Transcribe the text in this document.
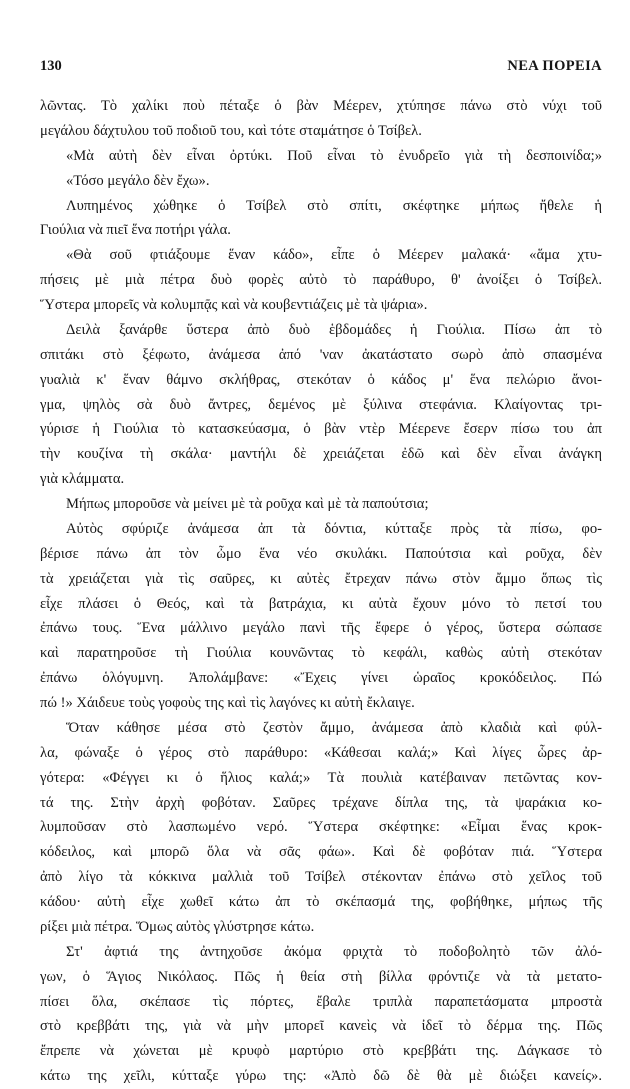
130	ΝΕΑ ΠΟΡΕΙΑ
λῶντας. Τὸ χαλίκι ποὺ πέταξε ὁ βὰν Μέερεν, χτύπησε πάνω στὸ νύχι τοῦ
μεγάλου δάχτυλου τοῦ ποδιοῦ του, καὶ τότε σταμάτησε ὁ Τσίβελ.
«Μὰ αὐτὴ δὲν εἶναι ὀρτύκι. Ποῦ εἶναι τὸ ἐνυδρεῖο γιὰ τὴ δεσποινίδα;»
«Τόσο μεγάλο δὲν ἔχω».
Λυπημένος χώθηκε ὁ Τσίβελ στὸ σπίτι, σκέφτηκε μήπως ἤθελε ἡ
Γιούλια νὰ πιεῖ ἕνα ποτήρι γάλα.
«Θὰ σοῦ φτιάξουμε ἕναν κάδο», εἶπε ὁ Μέερεν μαλακά· «ἅμα χτυ-
πήσεις μὲ μιὰ πέτρα δυὸ φορὲς αὐτὸ τὸ παράθυρο, θ' ἀνοίξει ὁ Τσίβελ.
Ὕστερα μπορεῖς νὰ κολυμπᾷς καὶ νὰ κουβεντιάζεις μὲ τὰ ψάρια».
Δειλὰ ξανάρθε ὕστερα ἀπὸ δυὸ ἑβδομάδες ἡ Γιούλια. Πίσω ἀπ τὸ
σπιτάκι στὸ ξέφωτο, ἀνάμεσα ἀπό 'ναν ἀκατάστατο σωρὸ ἀπὸ σπασμένα
γυαλιὰ κ' ἕναν θάμνο σκλήθρας, στεκόταν ὁ κάδος μ' ἕνα πελώριο ἄνοι-
γμα, ψηλὸς σὰ δυὸ ἄντρες, δεμένος μὲ ξύλινα στεφάνια. Κλαίγοντας τρι-
γύρισε ἡ Γιούλια τὸ κατασκεύασμα, ὁ βὰν ντὲρ Μέερενε ἔσερν πίσω του ἀπ
τὴν κουζίνα τὴ σκάλα· μαντήλι δὲ χρειάζεται ἐδῶ καὶ δὲν εἶναι ἀνάγκη
γιὰ κλάμματα.
Μήπως μποροῦσε νὰ μείνει μὲ τὰ ροῦχα καὶ μὲ τὰ παπούτσια;
Αὐτὸς σφύριζε ἀνάμεσα ἀπ τὰ δόντια, κύτταξε πρὸς τὰ πίσω, φο-
βέρισε πάνω ἀπ τὸν ὦμο ἕνα νέο σκυλάκι. Παπούτσια καὶ ροῦχα, δὲν
τὰ χρειάζεται γιὰ τὶς σαῦρες, κι αὐτὲς ἔτρεχαν πάνω στὸν ἄμμο ὅπως τὶς
εἶχε πλάσει ὁ Θεός, καὶ τὰ βατράχια, κι αὐτὰ ἔχουν μόνο τὸ πετσί του
ἐπάνω τους. Ἕνα μάλλινο μεγάλο πανὶ τῆς ἔφερε ὁ γέρος, ὕστερα σώπασε
καὶ παρατηροῦσε τὴ Γιούλια κουνῶντας τὸ κεφάλι, καθὼς αὐτὴ στεκόταν
ἐπάνω ὁλόγυμνη. Ἀπολάμβανε: «Ἔχεις γίνει ὡραῖος κροκόδειλος. Πώ
πώ !» Χάιδευε τοὺς γοφοὺς της καὶ τὶς λαγόνες κι αὐτὴ ἔκλαιγε.
Ὅταν κάθησε μέσα στὸ ζεστὸν ἄμμο, ἀνάμεσα ἀπὸ κλαδιὰ καὶ φύλ-
λα, φώναξε ὁ γέρος στὸ παράθυρο: «Κάθεσαι καλά;» Καὶ λίγες ὧρες ἀρ-
γότερα: «Φέγγει κι ὁ ἥλιος καλά;» Τὰ πουλιὰ κατέβαιναν πετῶντας κον-
τά της. Στὴν ἀρχὴ φοβόταν. Σαῦρες τρέχανε δίπλα της, τὰ ψαράκια κο-
λυμποῦσαν στὸ λασπωμένο νερό. Ὕστερα σκέφτηκε: «Εἶμαι ἕνας κροκ-
κόδειλος, καὶ μπορῶ ὅλα νὰ σᾶς φάω». Καὶ δὲ φοβόταν πιά. Ὕστερα
ἀπὸ λίγο τὰ κόκκινα μαλλιὰ τοῦ Τσίβελ στέκονταν ἐπάνω στὸ χεῖλος τοῦ
κάδου· αὐτὴ εἶχε χωθεῖ κάτω ἀπ τὸ σκέπασμά της, φοβήθηκε, μήπως τῆς
ρίξει μιὰ πέτρα. Ὅμως αὐτὸς γλύστρησε κάτω.
Στ' ἀφτιά της ἀντηχοῦσε ἀκόμα φριχτὰ τὸ ποδοβολητὸ τῶν ἀλό-
γων, ὁ Ἅγιος Νικόλαος. Πῶς ἡ θεία στὴ βίλλα φρόντιζε νὰ τὰ μετατο-
πίσει ὅλα, σκέπασε τὶς πόρτες, ἔβαλε τριπλὰ παραπετάσματα μπροστὰ
στὸ κρεββάτι της, γιὰ νὰ μὴν μπορεῖ κανεὶς νὰ ἰδεῖ τὸ δέρμα της. Πῶς
ἔπρεπε νὰ χώνεται μὲ κρυφὸ μαρτύριο στὸ κρεββάτι της. Δάγκασε τὸ
κάτω της χεῖλι, κύτταξε γύρω της: «Ἀπὸ δῶ δὲ θὰ μὲ διώξει κανείς».
